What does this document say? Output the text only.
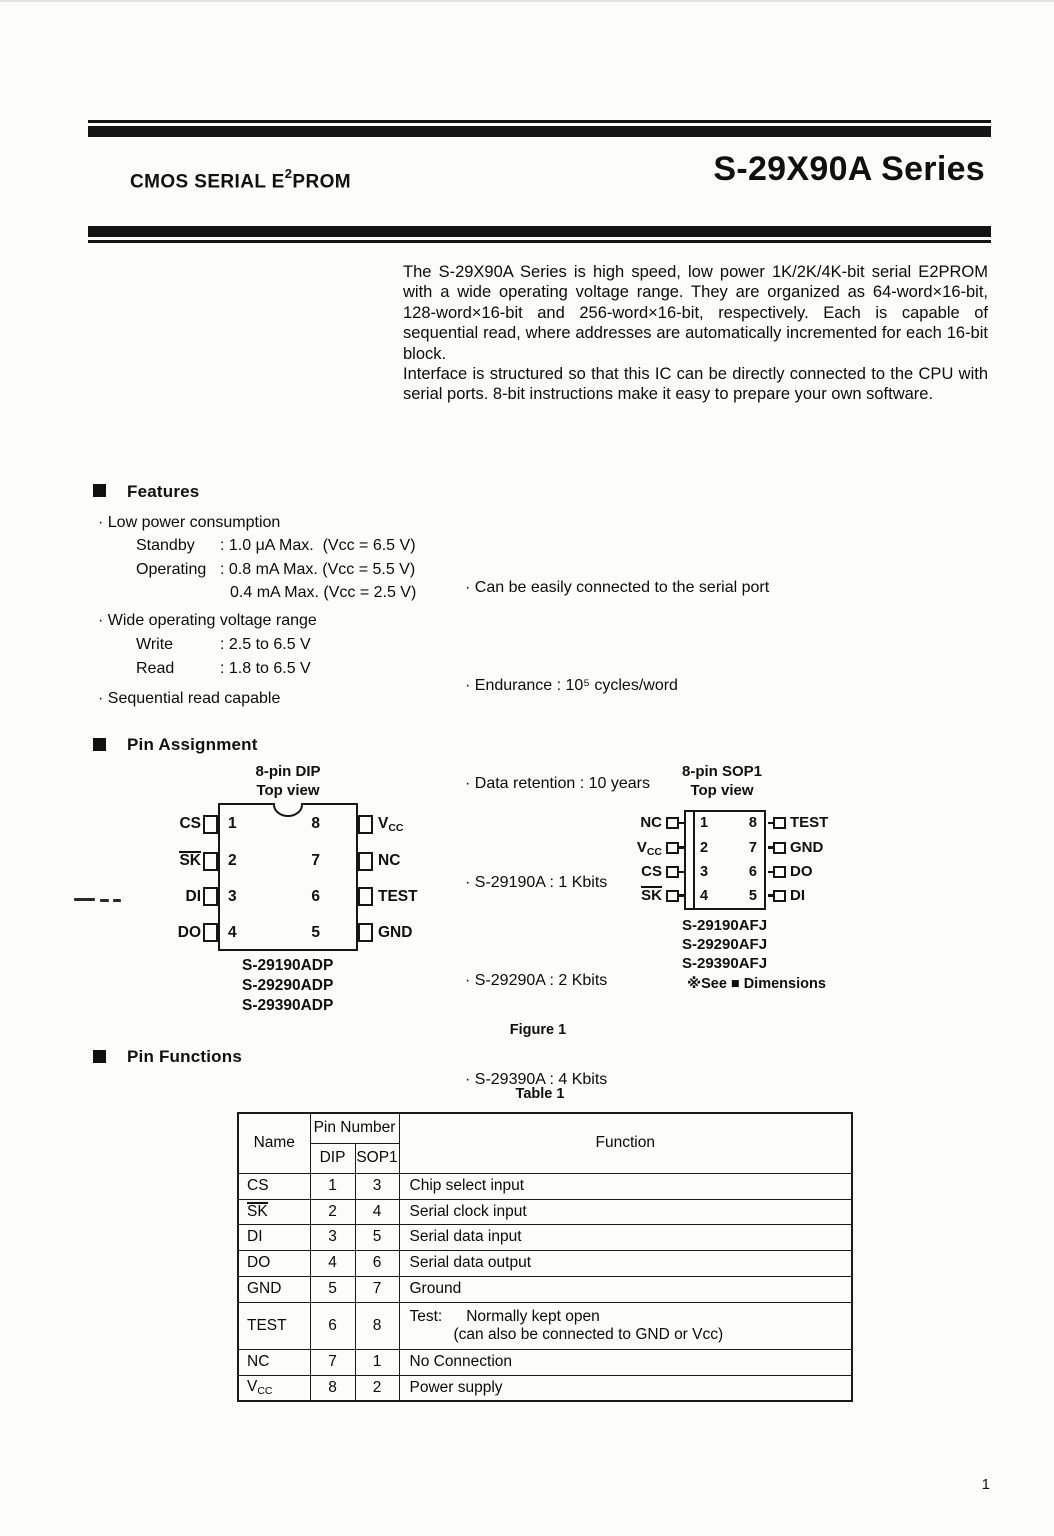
CMOS SERIAL $E^2PROM$	S-29X90A Series

The S-29X90A Series is high speed, low power 1K/2K/4K-bit serial E2PROM with a wide operating voltage range. They are organized as 64-word×16-bit, 128-word×16-bit and 256-word×16-bit, respectively. Each is capable of sequential read, where addresses are automatically incremented for each 16-bit block.

Interface is structured so that this IC can be directly connected to the CPU with serial ports. 8-bit instructions make it easy to prepare your own software.

Features
· Low power consumption
Standby : 1.0 μA Max.  (Vcc = 6.5 V)
Operating : 0.8 mA Max. (Vcc = 5.5 V)
0.4 mA Max. (Vcc = 2.5 V)
· Wide operating voltage range
Write	: 2.5 to 6.5 V
Read	: 1.8 to 6.5 V
· Sequential read capable

· Can be easily connected to the serial port

· Endurance : 10⁵ cycles/word

· Data retention : 10 years

· S-29190A : 1 Kbits

· S-29290A : 2 Kbits

· S-29390A : 4 Kbits

Pin Assignment
8-pin DIP
Top view
CS
SK
DI
DO
1
2
3
4
8
7
6
5
VCC
NC
TEST
GND
S-29190ADP
S-29290ADP
S-29390ADP
8-pin SOP1
Top view
NC
$V_{CC}$
CS
SK
1
2
3
4
8
7
6
5
TEST
GND
DO
DI
S-29190AFJ
S-29290AFJ
S-29390AFJ
※See ■ Dimensions
Figure 1
Pin Functions
Table 1
Name	Pin Number		Function
	DIP	SOP1	
CS	1	3	Chip select input
SK	2	4	Serial clock input
DI	3	5	Serial data input
DO	4	6	Serial data output
GND	5	7	Ground
TEST	6	8	Test: Normally kept open
(can also be connected to GND or Vcc)

NC	7	1	No Connection
VCC	8	2	Power supply
1
